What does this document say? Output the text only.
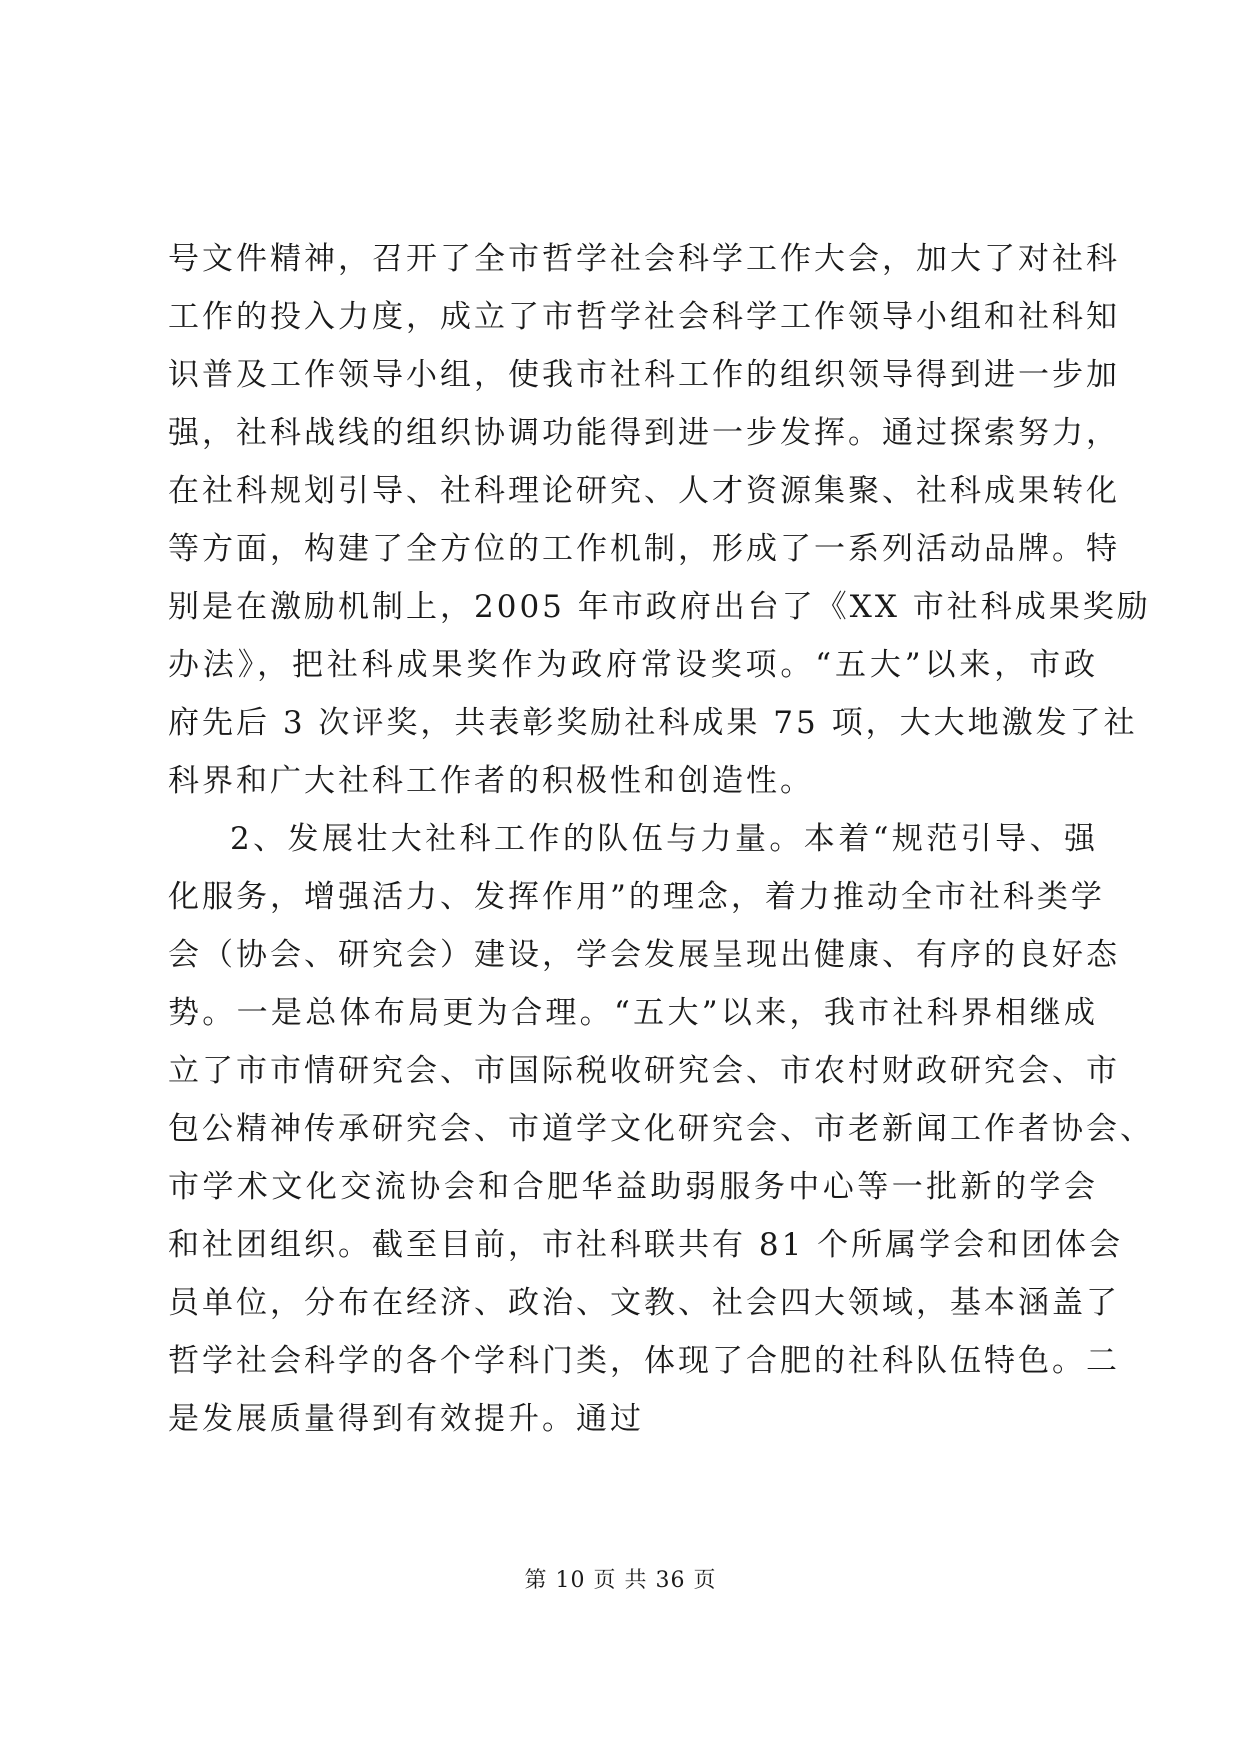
号文件精神，召开了全市哲学社会科学工作大会，加大了对社科
工作的投入力度，成立了市哲学社会科学工作领导小组和社科知
识普及工作领导小组，使我市社科工作的组织领导得到进一步加
强，社科战线的组织协调功能得到进一步发挥。通过探索努力，
在社科规划引导、社科理论研究、人才资源集聚、社科成果转化
等方面，构建了全方位的工作机制，形成了一系列活动品牌。特
别是在激励机制上，2005 年市政府出台了《XX 市社科成果奖励
办法》，把社科成果奖作为政府常设奖项。“五大”以来，市政
府先后 3 次评奖，共表彰奖励社科成果 75 项，大大地激发了社
科界和广大社科工作者的积极性和创造性。
2、发展壮大社科工作的队伍与力量。本着“规范引导、强
化服务，增强活力、发挥作用”的理念，着力推动全市社科类学
会（协会、研究会）建设，学会发展呈现出健康、有序的良好态
势。一是总体布局更为合理。“五大”以来，我市社科界相继成
立了市市情研究会、市国际税收研究会、市农村财政研究会、市
包公精神传承研究会、市道学文化研究会、市老新闻工作者协会、
市学术文化交流协会和合肥华益助弱服务中心等一批新的学会
和社团组织。截至目前，市社科联共有 81 个所属学会和团体会
员单位，分布在经济、政治、文教、社会四大领域，基本涵盖了
哲学社会科学的各个学科门类，体现了合肥的社科队伍特色。二
是发展质量得到有效提升。通过
第 10 页 共 36 页
